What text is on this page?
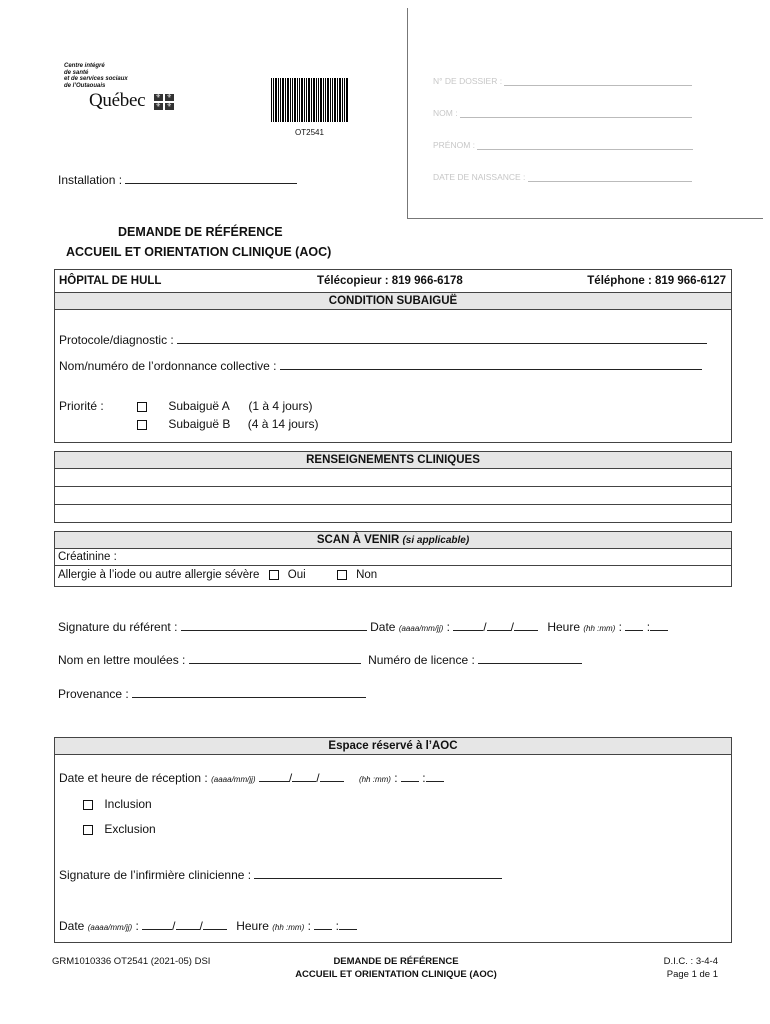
Centre intégré
de santé
et de services sociaux
de l’Outaouais
Québec ⚜ ⚜
⚜ ⚜
OT2541
N° DE DOSSIER :
NOM :
PRÉNOM :
DATE DE NAISSANCE :
Installation :
DEMANDE DE RÉFÉRENCE
ACCUEIL ET ORIENTATION CLINIQUE (AOC)
HÔPITAL DE HULL	Télécopieur : 819 966-6178	Téléphone : 819 966-6127
CONDITION SUBAIGUË
Protocole/diagnostic :
Nom/numéro de l’ordonnance collective :
Priorité :	Subaiguë A (1 à 4 jours)
Subaiguë B (4 à 14 jours)
RENSEIGNEMENTS CLINIQUES
SCAN À VENIR (si applicable)
Créatinine :
Allergie à l’iode ou autre allergie sévère Oui	Non
Signature du référent :	Date (aaaa/mm/jj) :	/ /	Heure (hh :mm) :  :
Nom en lettre moulées :	Numéro de licence :
Provenance :
Espace réservé à l’AOC
Date et heure de réception : (aaaa/mm/jj)	/ /	(hh :mm) :  :
Inclusion
Exclusion
Signature de l’infirmière clinicienne :
Date (aaaa/mm/jj) :	/ /	Heure (hh :mm) :  :
GRM1010336 OT2541 (2021-05) DSI	DEMANDE DE RÉFÉRENCE
ACCUEIL ET ORIENTATION CLINIQUE (AOC)
D.I.C. : 3-4-4
Page 1 de 1
